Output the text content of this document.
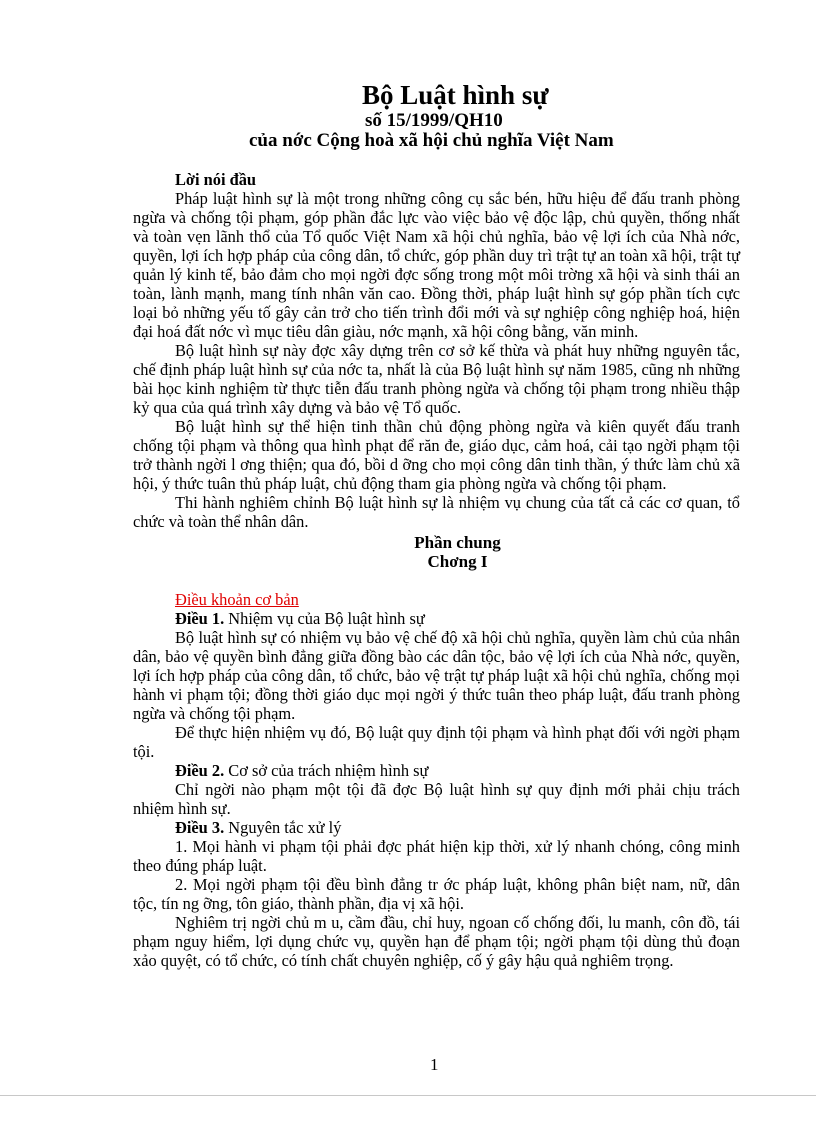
Bộ Luật hình sự
số 15/1999/QH10
của nớc Cộng hoà xã hội chủ nghĩa Việt Nam

Lời nói đầu

Pháp luật hình sự là một trong những công cụ sắc bén, hữu hiệu để đấu tranh phòng ngừa và chống tội phạm, góp phần đắc lực vào việc bảo vệ độc lập, chủ quyền, thống nhất và toàn vẹn lãnh thổ của Tổ quốc Việt Nam xã hội chủ nghĩa, bảo vệ lợi ích của Nhà nớc, quyền, lợi ích hợp pháp của công dân, tổ chức, góp phần duy trì trật tự an toàn xã hội, trật tự quản lý kinh tế, bảo đảm cho mọi ngời đợc sống trong một môi trờng xã hội và sinh thái an toàn, lành mạnh, mang tính nhân văn cao. Đồng thời, pháp luật hình sự góp phần tích cực loại bỏ những yếu tố gây cản trở cho tiến trình đổi mới và sự nghiệp công nghiệp hoá, hiện đại hoá đất nớc vì mục tiêu dân giàu, nớc mạnh, xã hội công bằng, văn minh.

Bộ luật hình sự này đợc xây dựng trên cơ sở kế thừa và phát huy những nguyên tắc, chế định pháp luật hình sự của nớc ta, nhất là của Bộ luật hình sự năm 1985, cũng nh những bài học kinh nghiệm từ thực tiễn đấu tranh phòng ngừa và chống tội phạm trong nhiều thập kỷ qua của quá trình xây dựng và bảo vệ Tổ quốc.

Bộ luật hình sự thể hiện tinh thần chủ động phòng ngừa và kiên quyết đấu tranh chống tội phạm và thông qua hình phạt để răn đe, giáo dục, cảm hoá, cải tạo ngời phạm tội trở thành ngời l ơng thiện; qua đó, bồi d ỡng cho mọi công dân tinh thần, ý thức làm chủ xã hội, ý thức tuân thủ pháp luật, chủ động tham gia phòng ngừa và chống tội phạm.

Thi hành nghiêm chỉnh Bộ luật hình sự là nhiệm vụ chung của tất cả các cơ quan, tổ chức và toàn thể nhân dân.

Phần chung

Chơng I

Điều khoản cơ bản

Điều 1. Nhiệm vụ của Bộ luật hình sự

Bộ luật hình sự có nhiệm vụ bảo vệ chế độ xã hội chủ nghĩa, quyền làm chủ của nhân dân, bảo vệ quyền bình đẳng giữa đồng bào các dân tộc, bảo vệ lợi ích của Nhà nớc, quyền, lợi ích hợp pháp của công dân, tổ chức, bảo vệ trật tự pháp luật xã hội chủ nghĩa, chống mọi hành vi phạm tội; đồng thời giáo dục mọi ngời ý thức tuân theo pháp luật, đấu tranh phòng ngừa và chống tội phạm.

Để thực hiện nhiệm vụ đó, Bộ luật quy định tội phạm và hình phạt đối với ngời phạm tội.

Điều 2. Cơ sở của trách nhiệm hình sự

Chỉ ngời nào phạm một tội đã đợc Bộ luật hình sự quy định mới phải chịu trách nhiệm hình sự.

Điều 3. Nguyên tắc xử lý

1. Mọi hành vi phạm tội phải đợc phát hiện kịp thời, xử lý nhanh chóng, công minh theo đúng pháp luật.

2. Mọi ngời phạm tội đều bình đẳng tr ớc pháp luật, không phân biệt nam, nữ, dân tộc, tín ng ỡng, tôn giáo, thành phần, địa vị xã hội.

Nghiêm trị ngời chủ m u, cầm đầu, chỉ huy, ngoan cố chống đối, lu manh, côn đồ, tái phạm nguy hiểm, lợi dụng chức vụ, quyền hạn để phạm tội; ngời phạm tội dùng thủ đoạn xảo quyệt, có tổ chức, có tính chất chuyên nghiệp, cố ý gây hậu quả nghiêm trọng.

1
